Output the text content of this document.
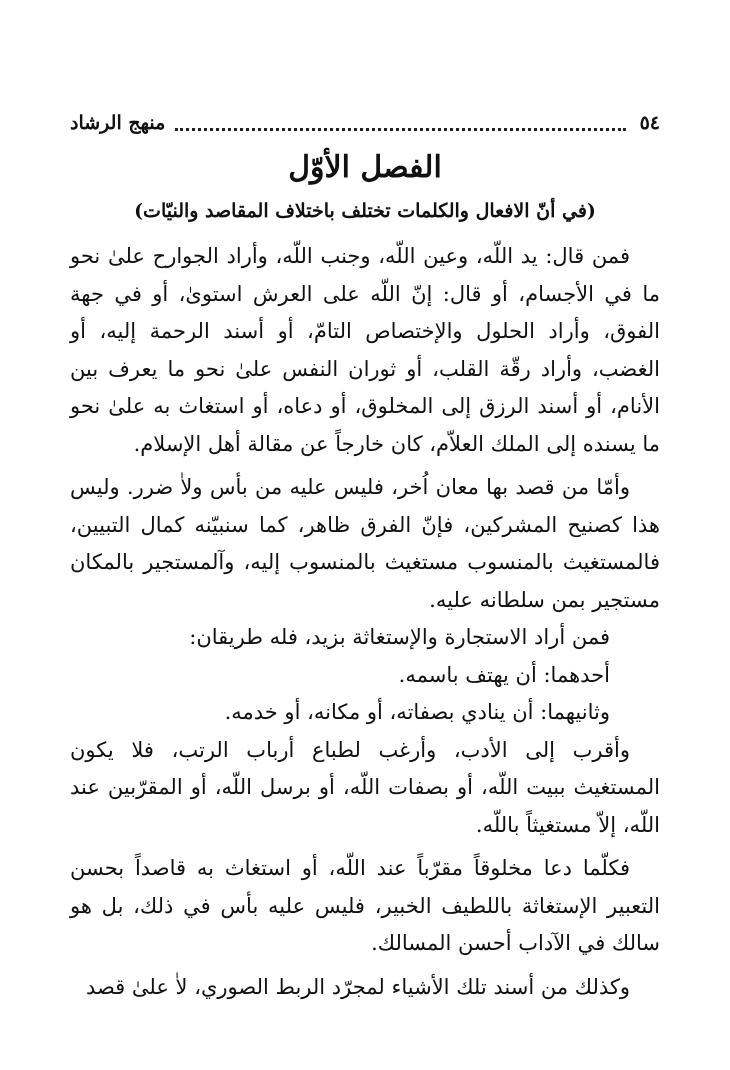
٥٤
منهج الرشاد
الفصل الأوّل
(في أنّ الافعال والكلمات تختلف باختلاف المقاصد والنيّات)

فمن قال: يد اللّه، وعين اللّه، وجنب اللّه، وأراد الجوارح علىٰ نحو ما في الأجسام، أو قال: إنّ اللّه على العرش استوىٰ، أو في جهة الفوق، وأراد الحلول والإختصاص التامّ، أو أسند الرحمة إليه، أو الغضب، وأراد رقّة القلب، أو ثوران النفس علىٰ نحو ما يعرف بين الأنام، أو أسند الرزق إلى المخلوق، أو دعاه، أو استغاث به علىٰ نحو ما يسنده إلى الملك العلاّم، كان خارجاً عن مقالة أهل الإسلام.

وأمّا من قصد بها معان اُخر، فليس عليه من بأس ولاٰ ضرر. وليس هذا كصنيح المشركين، فإنّ الفرق ظاهر، كما سنبيّنه كمال التبيين، فالمستغيث بالمنسوب مستغيث بالمنسوب إليه، وآلمستجير بالمكان مستجير بمن سلطانه عليه.

فمن أراد الاستجارة والإستغاثة بزيد، فله طريقان:

أحدهما: أن يهتف باسمه.

وثانيهما: أن ينادي بصفاته، أو مكانه، أو خدمه.

وأقرب إلى الأدب، وأرغب لطباع أرباب الرتب، فلا يكون المستغيث ببيت اللّه، أو بصفات اللّه، أو برسل اللّه، أو المقرّبين عند اللّه، إلاّ مستغيثاً باللّه.

فكلّما دعا مخلوقاً مقرّباً عند اللّه، أو استغاث به قاصداً بحسن التعبير الإستغاثة باللطيف الخبير، فليس عليه بأس في ذلك، بل هو سالك في الآداب أحسن المسالك.

وكذلك من أسند تلك الأشياء لمجرّد الربط الصوري، لاٰ علىٰ قصد
